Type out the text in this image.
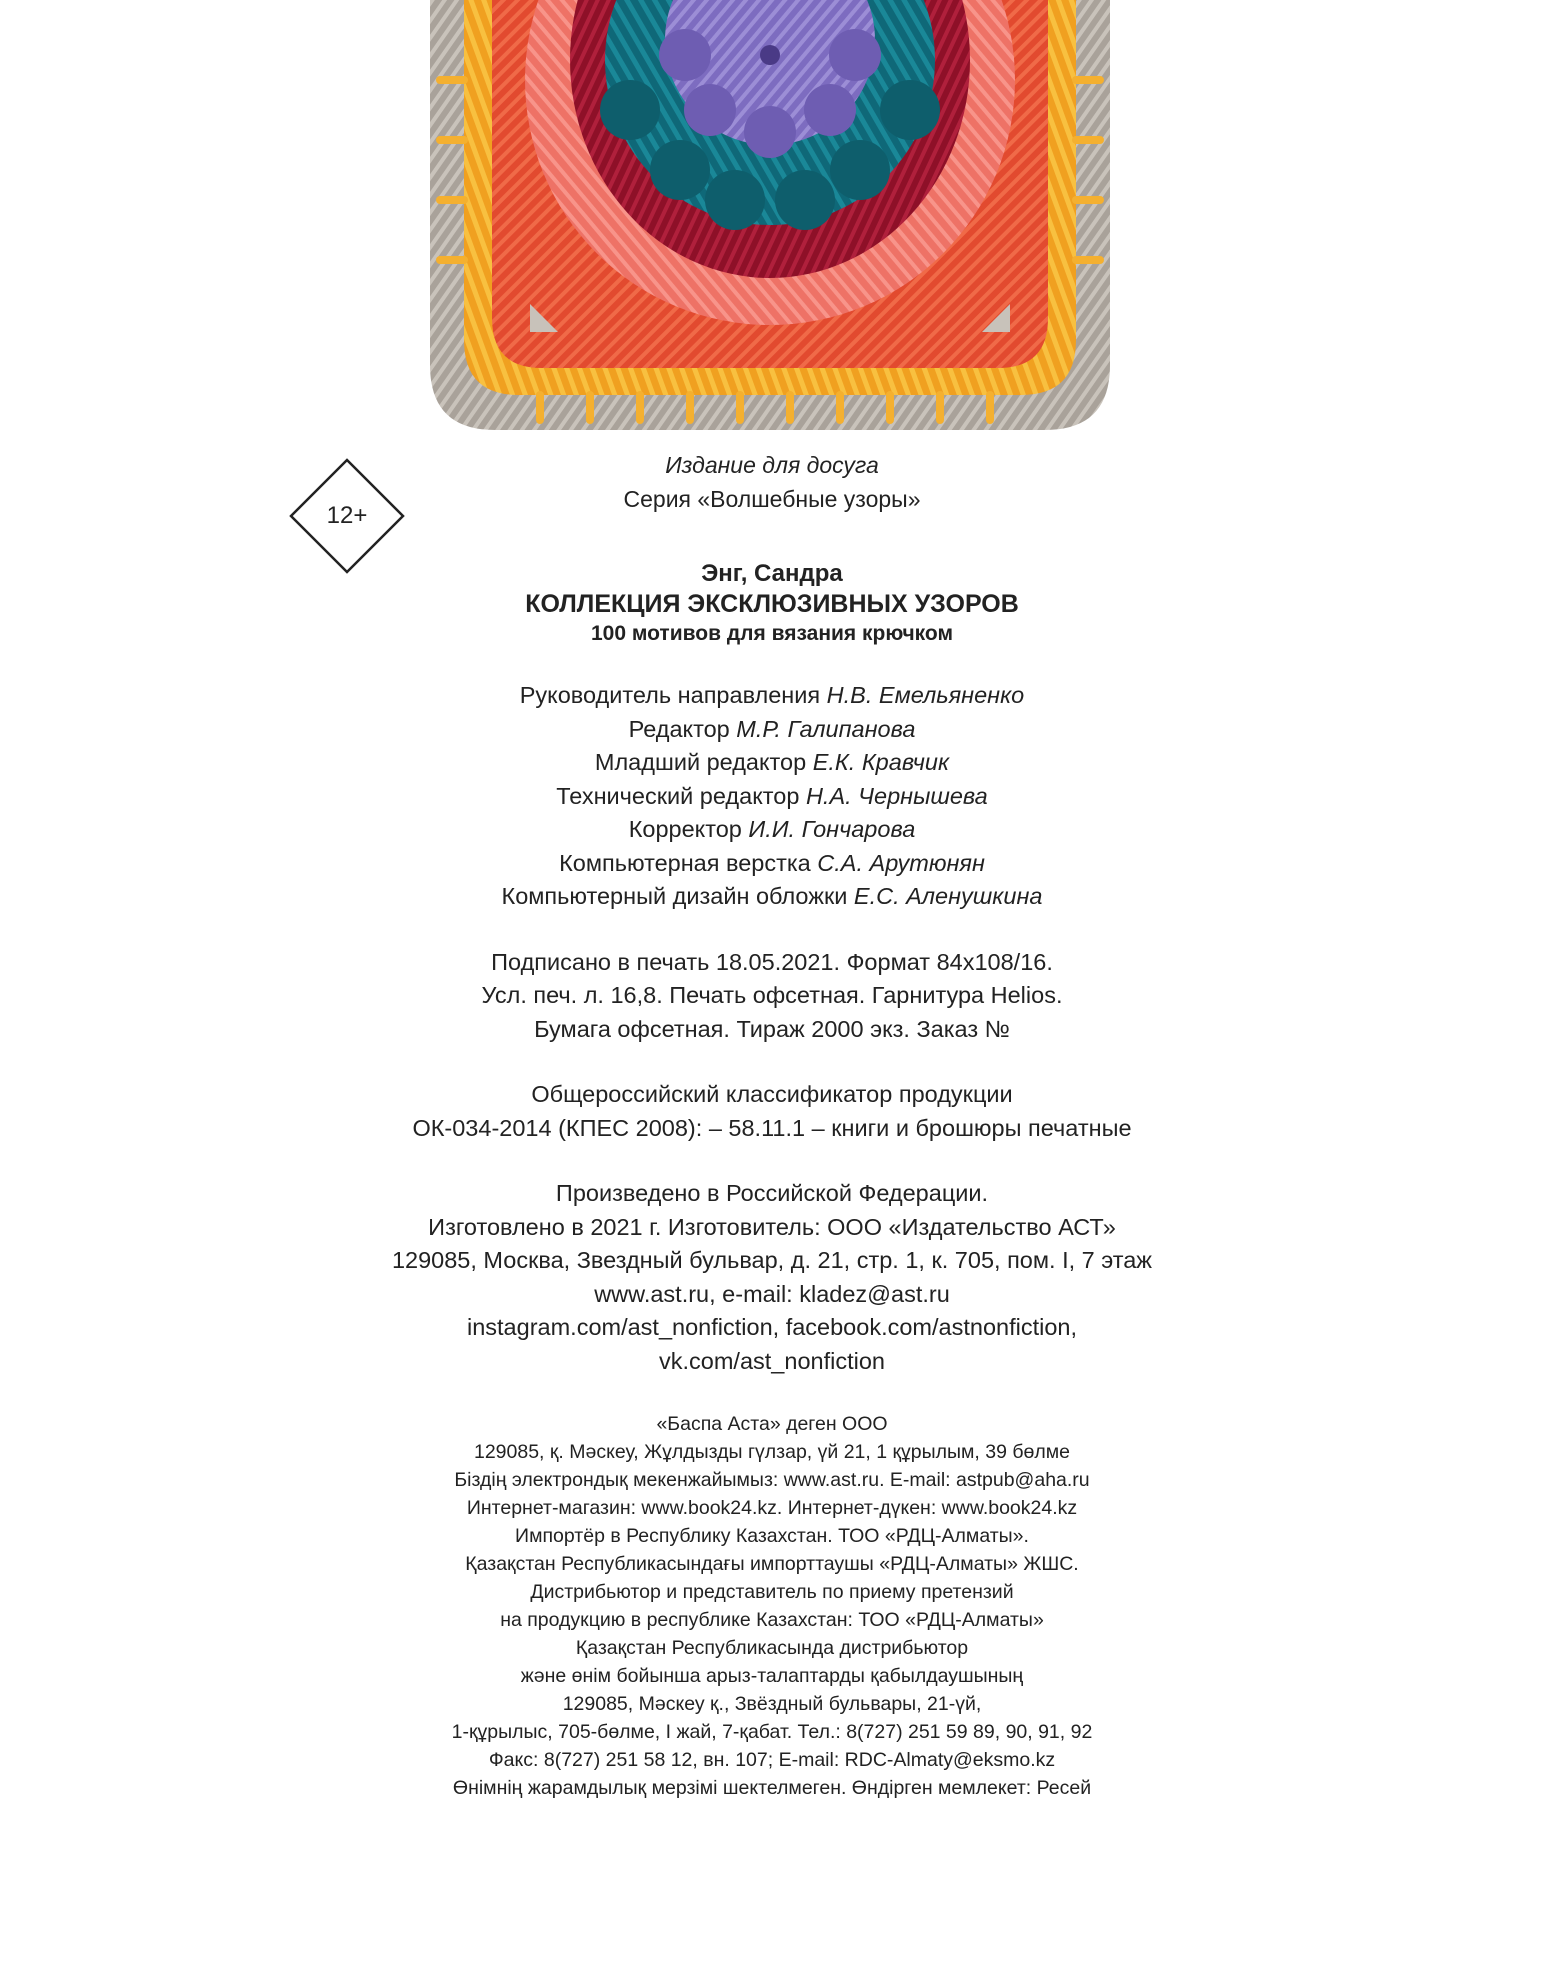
12+
Издание для досуга
Серия «Волшебные узоры»
Энг, Сандра
КОЛЛЕКЦИЯ ЭКСКЛЮЗИВНЫХ УЗОРОВ
100 мотивов для вязания крючком
Руководитель направления Н.В. Емельяненко
Редактор М.Р. Галипанова
Младший редактор Е.К. Кравчик
Технический редактор Н.А. Чернышева
Корректор И.И. Гончарова
Компьютерная верстка С.А. Арутюнян
Компьютерный дизайн обложки Е.С. Аленушкина
Подписано в печать 18.05.2021. Формат 84x108/16.
Усл. печ. л. 16,8. Печать офсетная. Гарнитура Helios.
Бумага офсетная. Тираж 2000 экз. Заказ №
Общероссийский классификатор продукции
ОК-034-2014 (КПЕС 2008): – 58.11.1 – книги и брошюры печатные
Произведено в Российской Федерации.
Изготовлено в 2021 г. Изготовитель: ООО «Издательство АСТ»
129085, Москва, Звездный бульвар, д. 21, стр. 1, к. 705, пом. I, 7 этаж
www.ast.ru, e-mail: kladez@ast.ru
instagram.com/ast_nonfiction, facebook.com/astnonfiction,
vk.com/ast_nonfiction
«Баспа Аста» деген ООО
129085, қ. Мәскеу, Жұлдызды гүлзар, үй 21, 1 құрылым, 39 бөлме
Біздің электрондық мекенжайымыз: www.ast.ru. E-mail: astpub@aha.ru
Интернет-магазин: www.book24.kz. Интернет-дүкен: www.book24.kz
Импортёр в Республику Казахстан. ТОО «РДЦ-Алматы».
Қазақстан Республикасындағы импорттаушы «РДЦ-Алматы» ЖШС.
Дистрибьютор и представитель по приему претензий
на продукцию в республике Казахстан: ТОО «РДЦ-Алматы»
Қазақстан Республикасында дистрибьютор
және өнім бойынша арыз-талаптарды қабылдаушының
129085, Мәскеу қ., Звёздный бульвары, 21-үй,
1-құрылыс, 705-бөлме, I жай, 7-қабат. Тел.: 8(727) 251 59 89, 90, 91, 92
Факс: 8(727) 251 58 12, вн. 107; E-mail: RDC-Almaty@eksmo.kz
Өнімнің жарамдылық мерзімі шектелмеген. Өндірген мемлекет: Ресей
